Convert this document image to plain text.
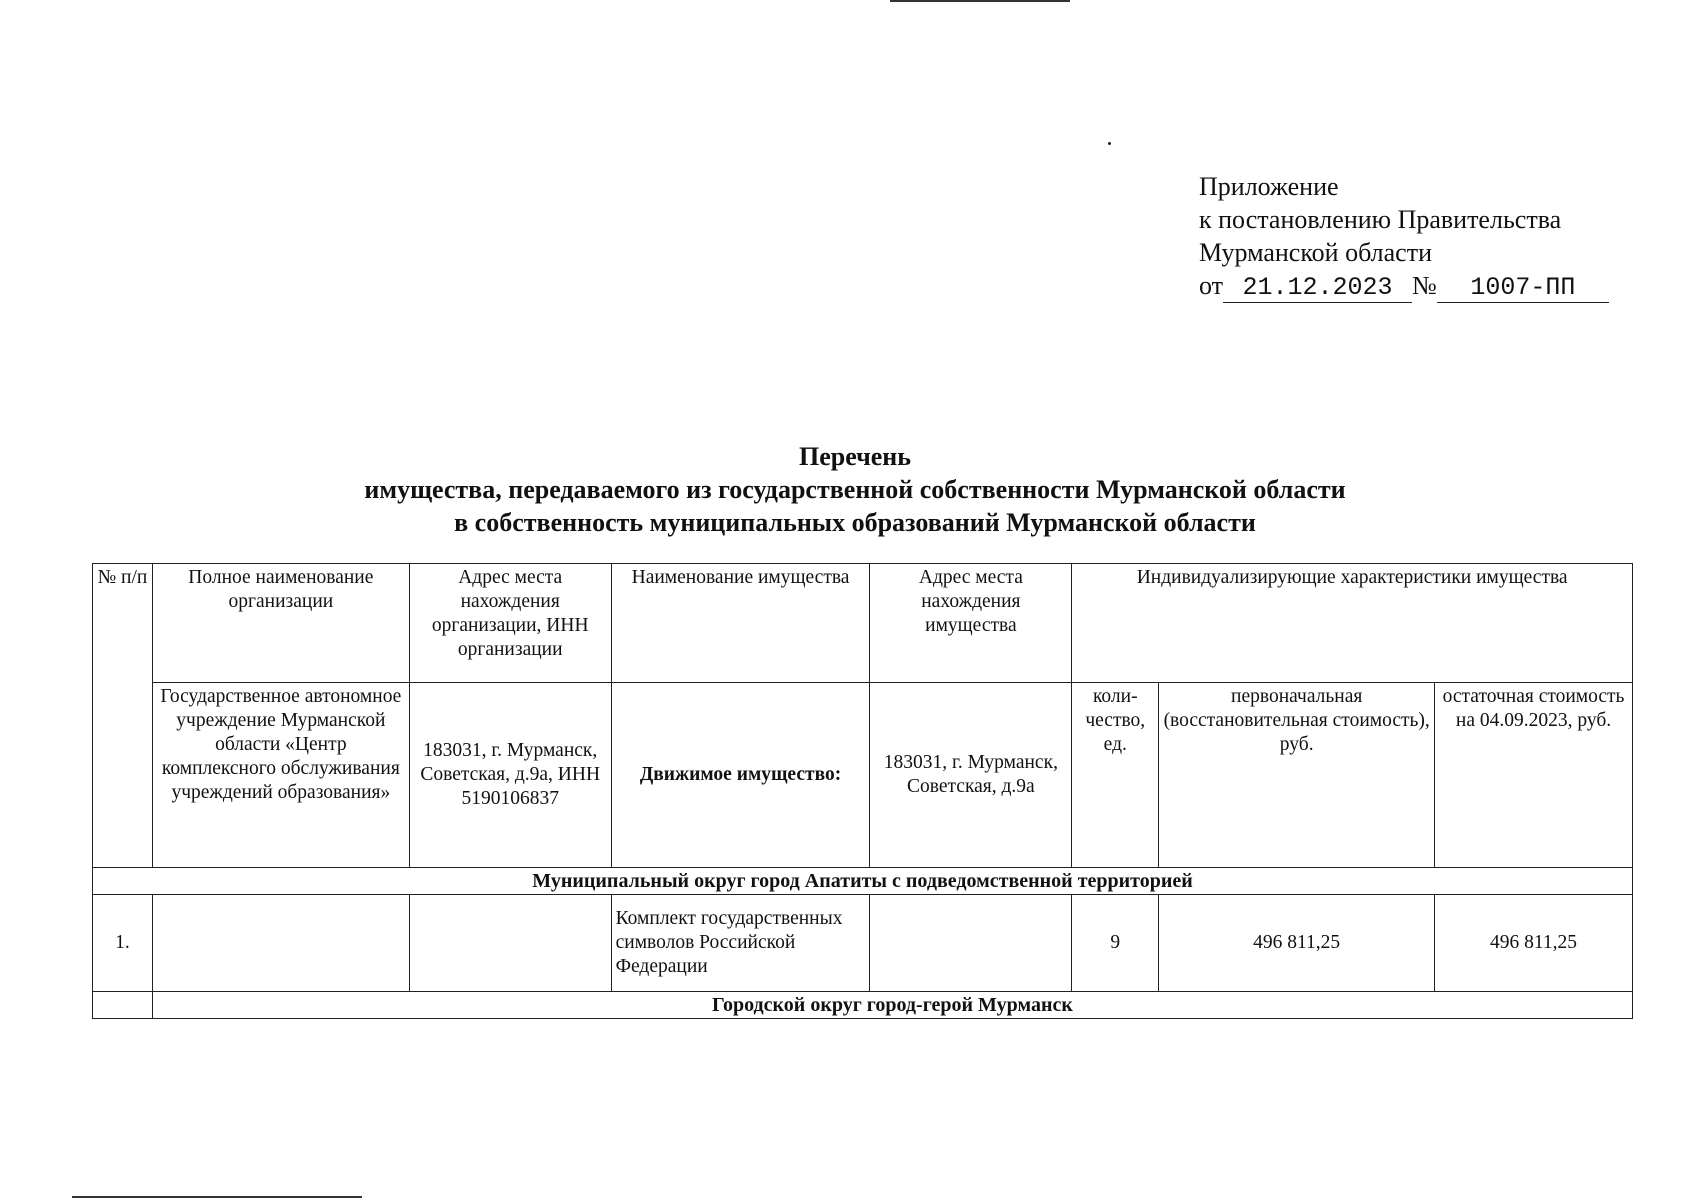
Приложение
к постановлению Правительства
Мурманской области
от 21.12.2023 № 1007-ПП
Перечень
имущества, передаваемого из государственной собственности Мурманской области
в собственность муниципальных образований Мурманской области
№ п/п	Полное наименование организации	Адрес места нахождения организации, ИНН организации	Наименование имущества	Адрес места нахождения имущества	Индивидуализирующие характеристики имущества		
	Государственное автономное учреждение Мурманской области «Центр комплексного обслуживания учреждений образования»	183031, г. Мурманск, Советская, д.9а, ИНН 5190106837	Движимое имущество:	183031, г. Мурманск, Советская, д.9а	коли-чество, ед.	первоначальная (восстановительная стоимость), руб.	остаточная стоимость на 04.09.2023, руб.
Муниципальный округ город Апатиты с подведомственной территорией							
1.			Комплект государственных символов Российской Федерации		9	496 811,25	496 811,25
	Городской округ город-герой Мурманск						
